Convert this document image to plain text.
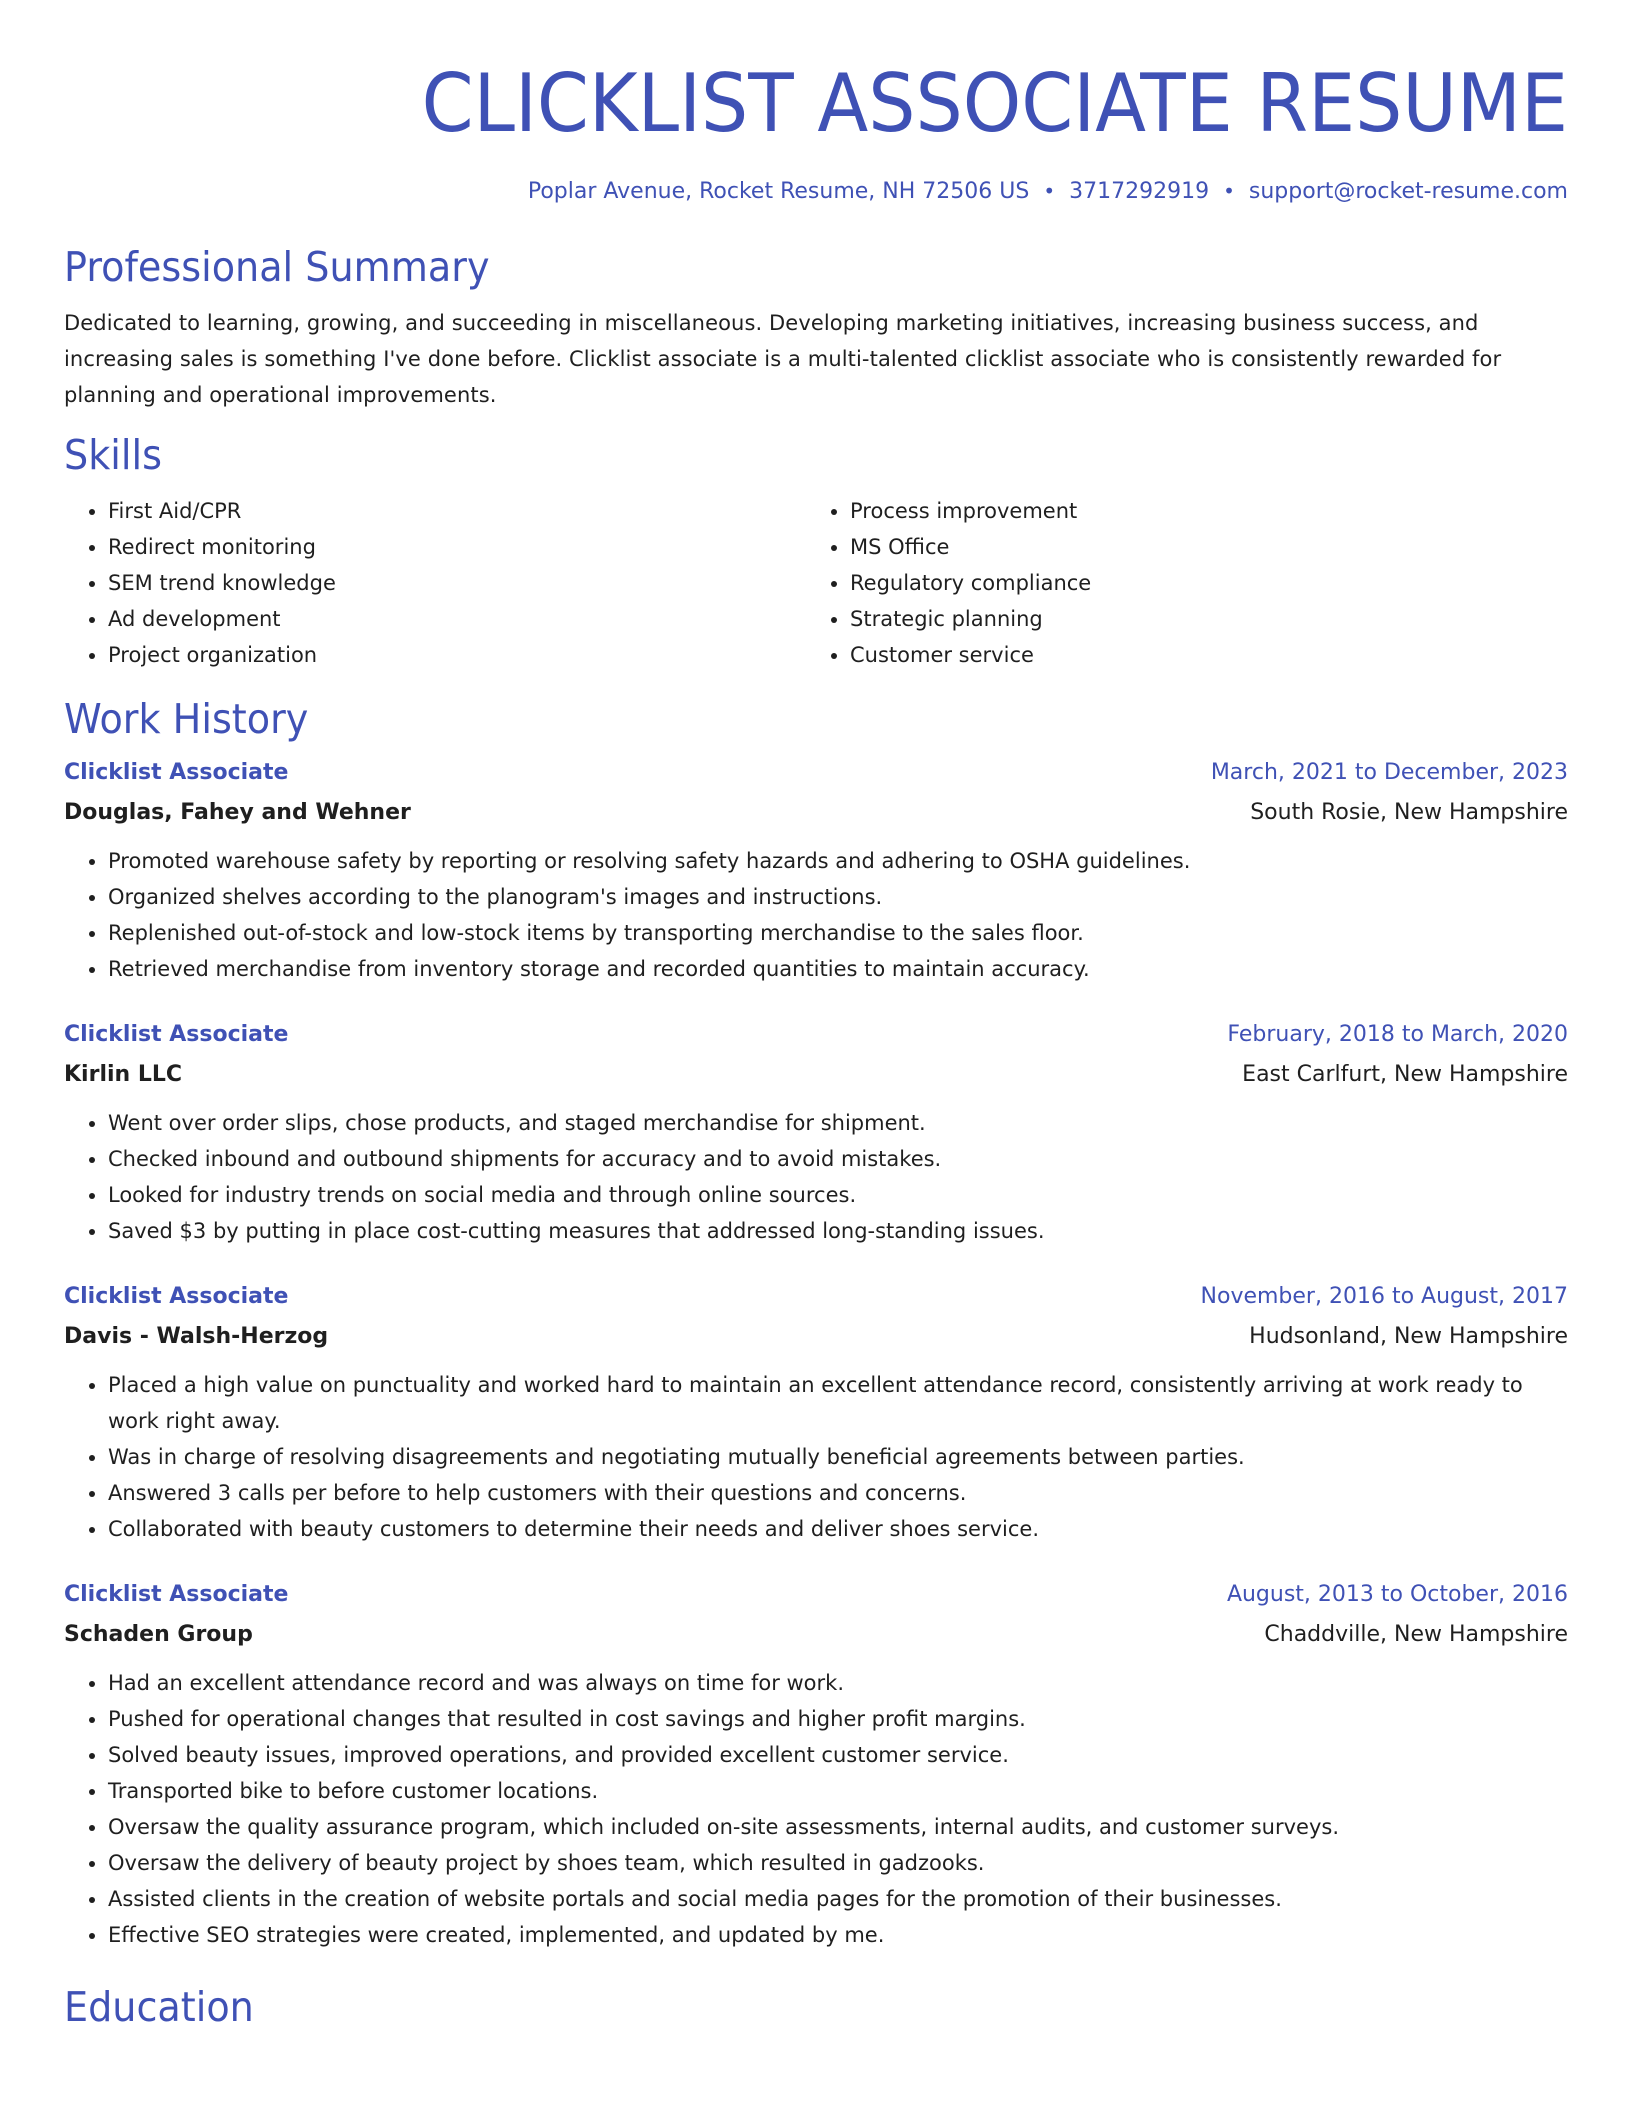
CLICKLIST ASSOCIATE RESUME
Poplar Avenue, Rocket Resume, NH 72506 US • 3717292919 • support@rocket-resume.com
Professional Summary

Dedicated to learning, growing, and succeeding in miscellaneous. Developing marketing initiatives, increasing business success, and increasing sales is something I've done before. Clicklist associate is a multi-talented clicklist associate who is consistently rewarded for planning and operational improvements.

Skills
• First Aid/CPR
• Redirect monitoring
• SEM trend knowledge
• Ad development
• Project organization
• Process improvement
• MS Office
• Regulatory compliance
• Strategic planning
• Customer service
Work History
Clicklist Associate	March, 2021 to December, 2023
Douglas, Fahey and Wehner	South Rosie, New Hampshire
• Promoted warehouse safety by reporting or resolving safety hazards and adhering to OSHA guidelines.
• Organized shelves according to the planogram's images and instructions.
• Replenished out-of-stock and low-stock items by transporting merchandise to the sales floor.
• Retrieved merchandise from inventory storage and recorded quantities to maintain accuracy.
Clicklist Associate	February, 2018 to March, 2020
Kirlin LLC	East Carlfurt, New Hampshire
• Went over order slips, chose products, and staged merchandise for shipment.
• Checked inbound and outbound shipments for accuracy and to avoid mistakes.
• Looked for industry trends on social media and through online sources.
• Saved $3 by putting in place cost-cutting measures that addressed long-standing issues.
Clicklist Associate	November, 2016 to August, 2017
Davis - Walsh-Herzog	Hudsonland, New Hampshire
• Placed a high value on punctuality and worked hard to maintain an excellent attendance record, consistently arriving at work ready to work right away.
• Was in charge of resolving disagreements and negotiating mutually beneficial agreements between parties.
• Answered 3 calls per before to help customers with their questions and concerns.
• Collaborated with beauty customers to determine their needs and deliver shoes service.
Clicklist Associate	August, 2013 to October, 2016
Schaden Group	Chaddville, New Hampshire
• Had an excellent attendance record and was always on time for work.
• Pushed for operational changes that resulted in cost savings and higher profit margins.
• Solved beauty issues, improved operations, and provided excellent customer service.
• Transported bike to before customer locations.
• Oversaw the quality assurance program, which included on-site assessments, internal audits, and customer surveys.
• Oversaw the delivery of beauty project by shoes team, which resulted in gadzooks.
• Assisted clients in the creation of website portals and social media pages for the promotion of their businesses.
• Effective SEO strategies were created, implemented, and updated by me.
Education
